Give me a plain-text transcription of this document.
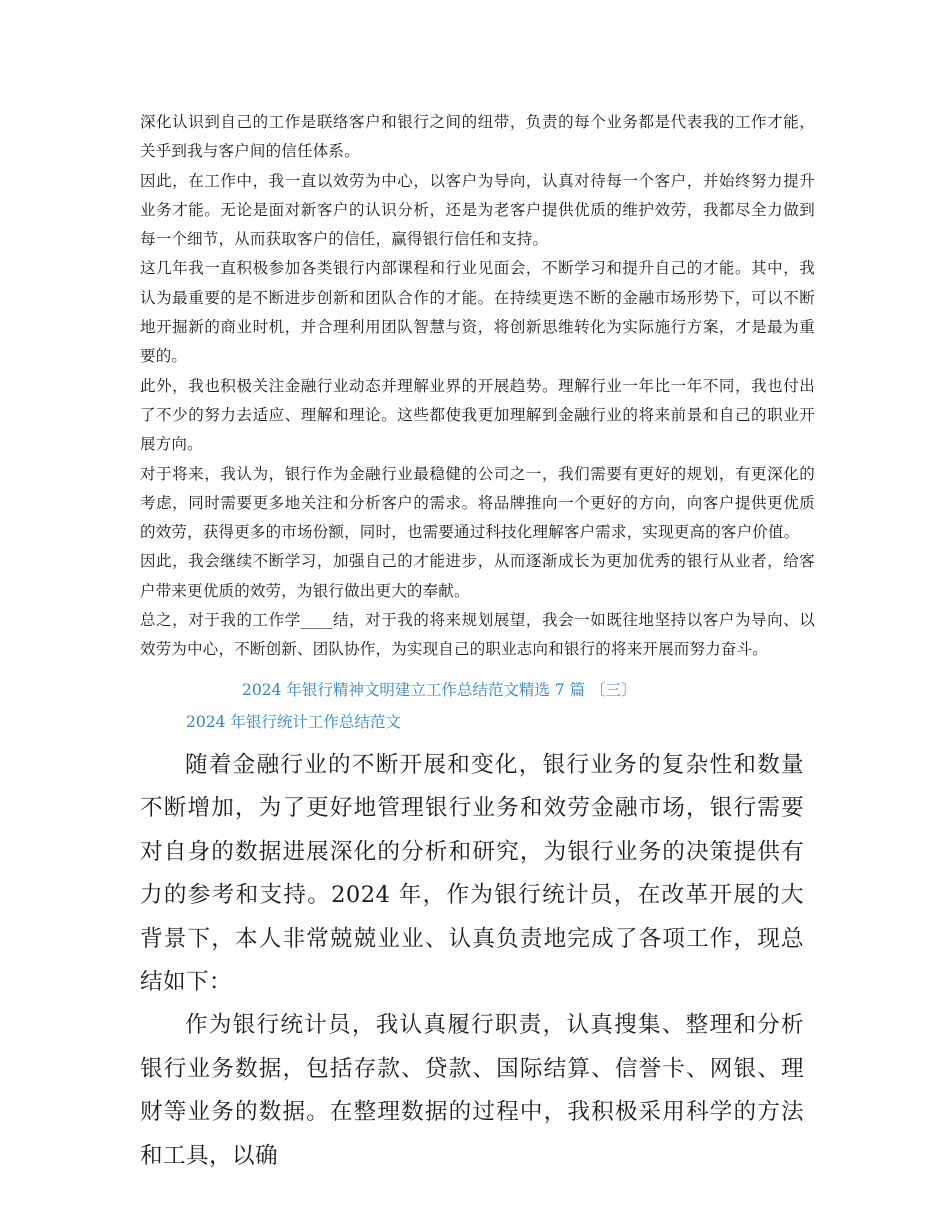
深化认识到自己的工作是联络客户和银行之间的纽带，负责的每个业务都是代表我的工作才能，关乎到我与客户间的信任体系。

因此，在工作中，我一直以效劳为中心，以客户为导向，认真对待每一个客户，并始终努力提升业务才能。无论是面对新客户的认识分析，还是为老客户提供优质的维护效劳，我都尽全力做到每一个细节，从而获取客户的信任，赢得银行信任和支持。

这几年我一直积极参加各类银行内部课程和行业见面会，不断学习和提升自己的才能。其中，我认为最重要的是不断进步创新和团队合作的才能。在持续更迭不断的金融市场形势下，可以不断地开掘新的商业时机，并合理利用团队智慧与资，将创新思维转化为实际施行方案，才是最为重要的。

此外，我也积极关注金融行业动态并理解业界的开展趋势。理解行业一年比一年不同，我也付出了不少的努力去适应、理解和理论。这些都使我更加理解到金融行业的将来前景和自己的职业开展方向。

对于将来，我认为，银行作为金融行业最稳健的公司之一，我们需要有更好的规划，有更深化的考虑，同时需要更多地关注和分析客户的需求。将品牌推向一个更好的方向，向客户提供更优质的效劳，获得更多的市场份额，同时，也需要通过科技化理解客户需求，实现更高的客户价值。

因此，我会继续不断学习，加强自己的才能进步，从而逐渐成长为更加优秀的银行从业者，给客户带来更优质的效劳，为银行做出更大的奉献。

总之，对于我的工作学____结，对于我的将来规划展望，我会一如既往地坚持以客户为导向、以效劳为中心，不断创新、团队协作，为实现自己的职业志向和银行的将来开展而努力奋斗。

2024 年银行精神文明建立工作总结范文精选 7 篇 〔三〕
2024 年银行统计工作总结范文

随着金融行业的不断开展和变化，银行业务的复杂性和数量不断增加，为了更好地管理银行业务和效劳金融市场，银行需要对自身的数据进展深化的分析和研究，为银行业务的决策提供有力的参考和支持。2024 年，作为银行统计员，在改革开展的大背景下，本人非常兢兢业业、认真负责地完成了各项工作，现总结如下：

作为银行统计员，我认真履行职责，认真搜集、整理和分析银行业务数据，包括存款、贷款、国际结算、信誉卡、网银、理财等业务的数据。在整理数据的过程中，我积极采用科学的方法和工具，以确
